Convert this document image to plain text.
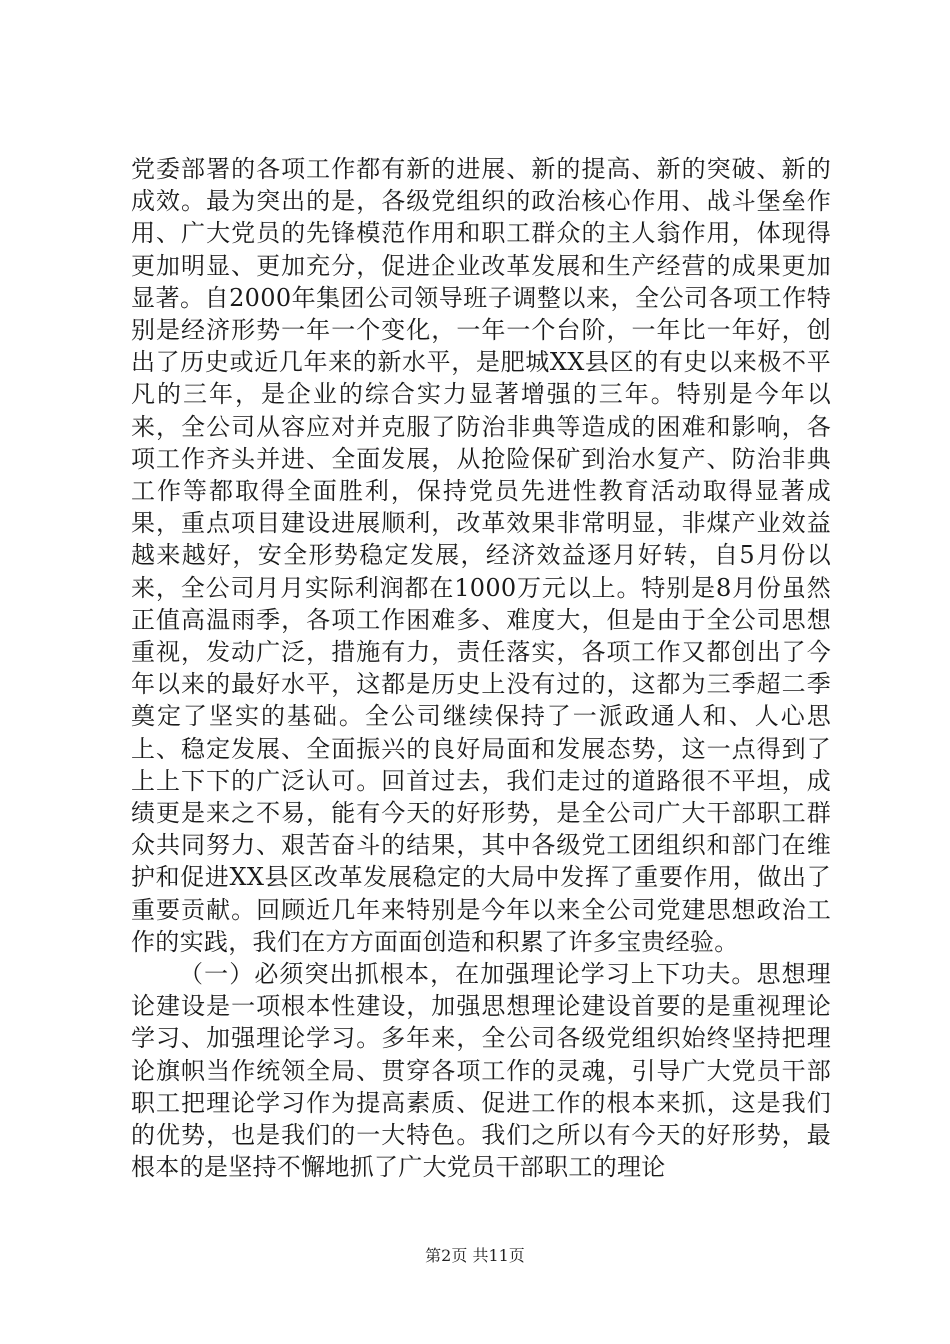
党委部署的各项工作都有新的进展、新的提高、新的突破、新的成效。最为突出的是，各级党组织的政治核心作用、战斗堡垒作用、广大党员的先锋模范作用和职工群众的主人翁作用，体现得更加明显、更加充分，促进企业改革发展和生产经营的成果更加显著。自2000年集团公司领导班子调整以来，全公司各项工作特别是经济形势一年一个变化，一年一个台阶，一年比一年好，创出了历史或近几年来的新水平，是肥城XX县区的有史以来极不平凡的三年，是企业的综合实力显著增强的三年。特别是今年以来，全公司从容应对并克服了防治非典等造成的困难和影响，各项工作齐头并进、全面发展，从抢险保矿到治水复产、防治非典工作等都取得全面胜利，保持党员先进性教育活动取得显著成果，重点项目建设进展顺利，改革效果非常明显，非煤产业效益越来越好，安全形势稳定发展，经济效益逐月好转，自5月份以来，全公司月月实际利润都在1000万元以上。特别是8月份虽然正值高温雨季，各项工作困难多、难度大，但是由于全公司思想重视，发动广泛，措施有力，责任落实，各项工作又都创出了今年以来的最好水平，这都是历史上没有过的，这都为三季超二季奠定了坚实的基础。全公司继续保持了一派政通人和、人心思上、稳定发展、全面振兴的良好局面和发展态势，这一点得到了上上下下的广泛认可。回首过去，我们走过的道路很不平坦，成绩更是来之不易，能有今天的好形势，是全公司广大干部职工群众共同努力、艰苦奋斗的结果，其中各级党工团组织和部门在维护和促进XX县区改革发展稳定的大局中发挥了重要作用，做出了重要贡献。回顾近几年来特别是今年以来全公司党建思想政治工作的实践，我们在方方面面创造和积累了许多宝贵经验。

（一）必须突出抓根本，在加强理论学习上下功夫。思想理论建设是一项根本性建设，加强思想理论建设首要的是重视理论学习、加强理论学习。多年来，全公司各级党组织始终坚持把理论旗帜当作统领全局、贯穿各项工作的灵魂，引导广大党员干部职工把理论学习作为提高素质、促进工作的根本来抓，这是我们的优势，也是我们的一大特色。我们之所以有今天的好形势，最根本的是坚持不懈地抓了广大党员干部职工的理论

第2页 共11页
